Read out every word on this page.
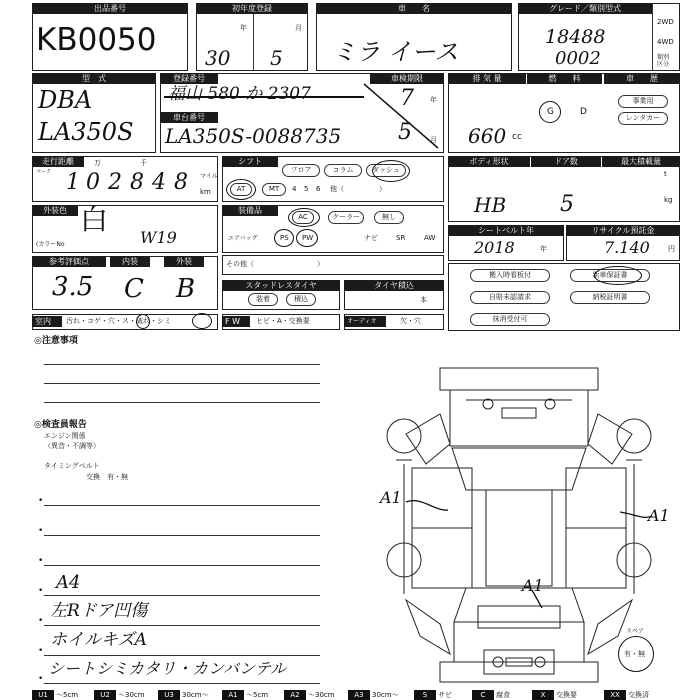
出品番号
KB0050
初年度登録
年	月
30 5
車　　名
ミラ イース
グレード／類別型式
18488
0002
2WD
4WD
類別
区分
型　式
DBA
LA350S
登録番号
福山 580 か 2307
車台番号
LA350S-0088735
車検期限
年
月
7
5
排 気 量
660 cc
燃　　料
G	D
車　　歴
事業用
レンタカー
走行距離
マーク
万	千
マイル
km
1 0 2 8 4 8
シフト
フロア	コラム	ダッシュ
AT	MT	4 5 6 他（　　　　　）
ボディ形状
HB
ドア数
5
最大積載量
t
kg
外装色 白
(カラーNo	W19
装備品
AC	クーラー	無し
エアバッグ	PS PW	ナビ	SR	AW
その他（　　　　　　　　　）
シートベルト年
2018	年
リサイクル預託金
7.140	円
参考評価点	内装	外装
3.5 C B	スタッドレスタイヤ
装着	積込
タイヤ積込
本
搬入時看板付	新車保証書
自賠未認請求	納税証明書
抹消受付可
室内	汚れ・コゲ・穴・ス・破れ・シミ	F W	ヒビ・A・交換要	オーディオ	欠・穴
◎注意事項
◎検査員報告
エンジン関係
（異音・不調等）
タイミングベルト
交換　有・無
•
•
•
•
•
•
•
A4
左Rドア凹傷
ホイルキズA
シートシミカタリ・カンバンテル
A1
A1
A1
スペア
有・無
U1	～5cm	U2	～30cm	U3	30cm～	A1	～5cm	A2	～30cm	A3	30cm～	S	サビ	C	腐食	X	交換要	XX	交換済
